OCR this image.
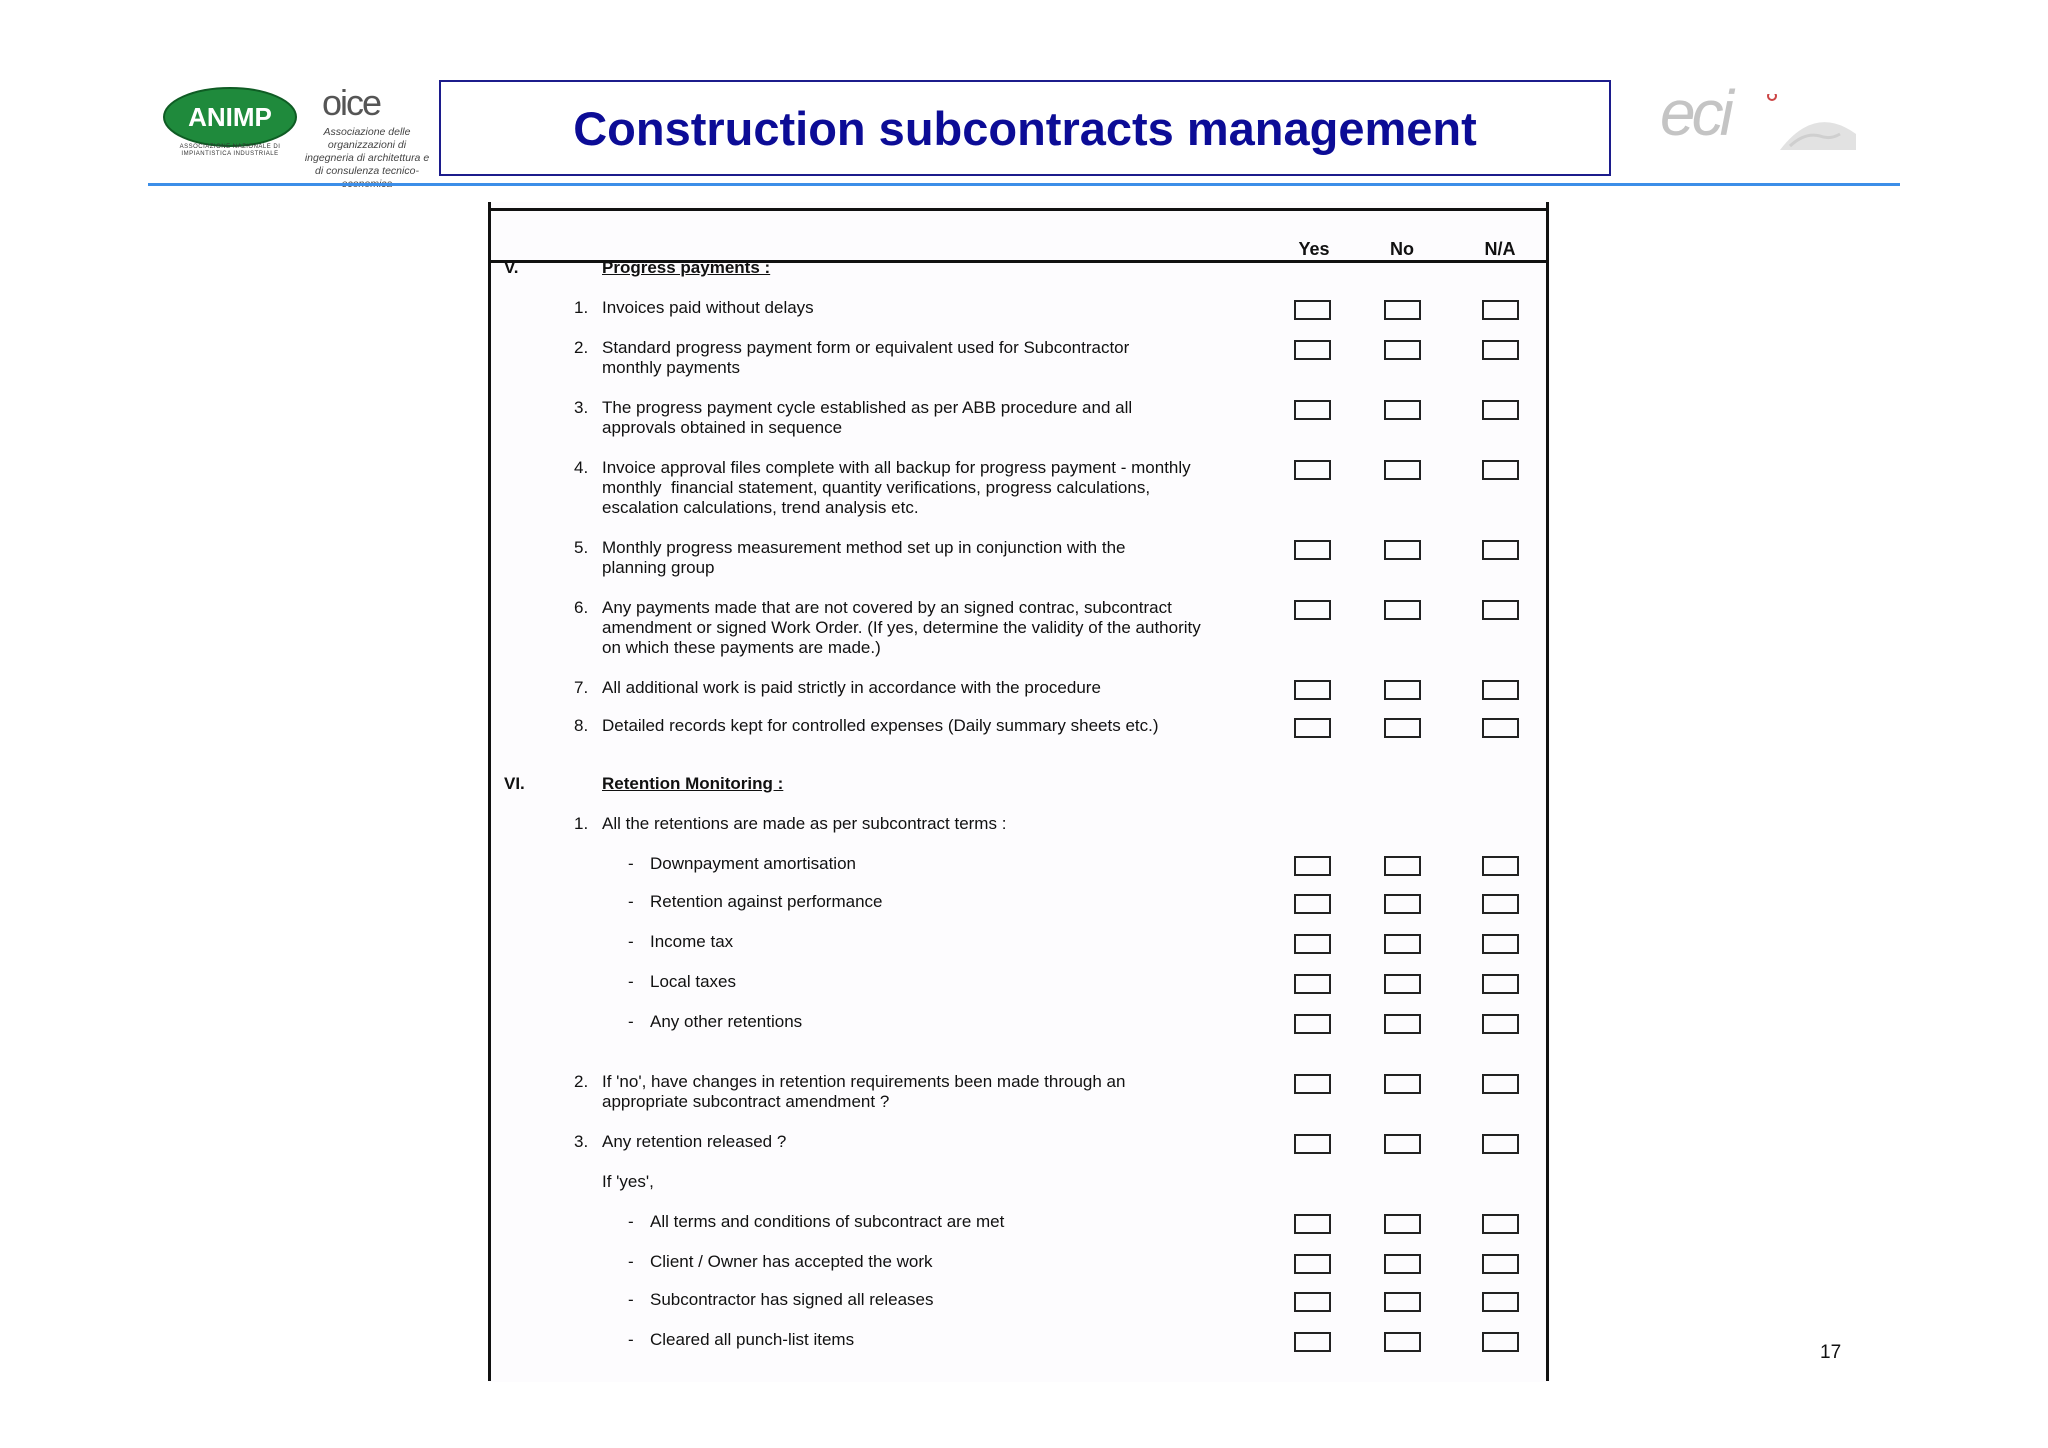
ANIMP
ASSOCIAZIONE NAZIONALE DI IMPIANTISTICA INDUSTRIALE
oice
Associazione delle organizzazioni di ingegneria di architettura e di consulenza tecnico-
Construction subcontracts management	eci
Yes	No	N/A
V.	Progress payments :
1. Invoices paid without delays
2. Standard progress payment form or equivalent used for Subcontractor
monthly payments
3. The progress payment cycle established as per ABB procedure and all
approvals obtained in sequence
4. Invoice approval files complete with all backup for progress payment - monthly
monthly  financial statement, quantity verifications, progress calculations,
escalation calculations, trend analysis etc.
5. Monthly progress measurement method set up in conjunction with the
planning group
6. Any payments made that are not covered by an signed contrac, subcontract
amendment or signed Work Order. (If yes, determine the validity of the authority
on which these payments are made.)
7. All additional work is paid strictly in accordance with the procedure
8. Detailed records kept for controlled expenses (Daily summary sheets etc.)
VI.	Retention Monitoring :
1. All the retentions are made as per subcontract terms :
- Downpayment amortisation
- Retention against performance
- Income tax
- Local taxes
- Any other retentions
2. If 'no', have changes in retention requirements been made through an
appropriate subcontract amendment ?
3. Any retention released ?
If 'yes',
- All terms and conditions of subcontract are met
- Client / Owner has accepted the work
- Subcontractor has signed all releases
- Cleared all punch-list items
17
